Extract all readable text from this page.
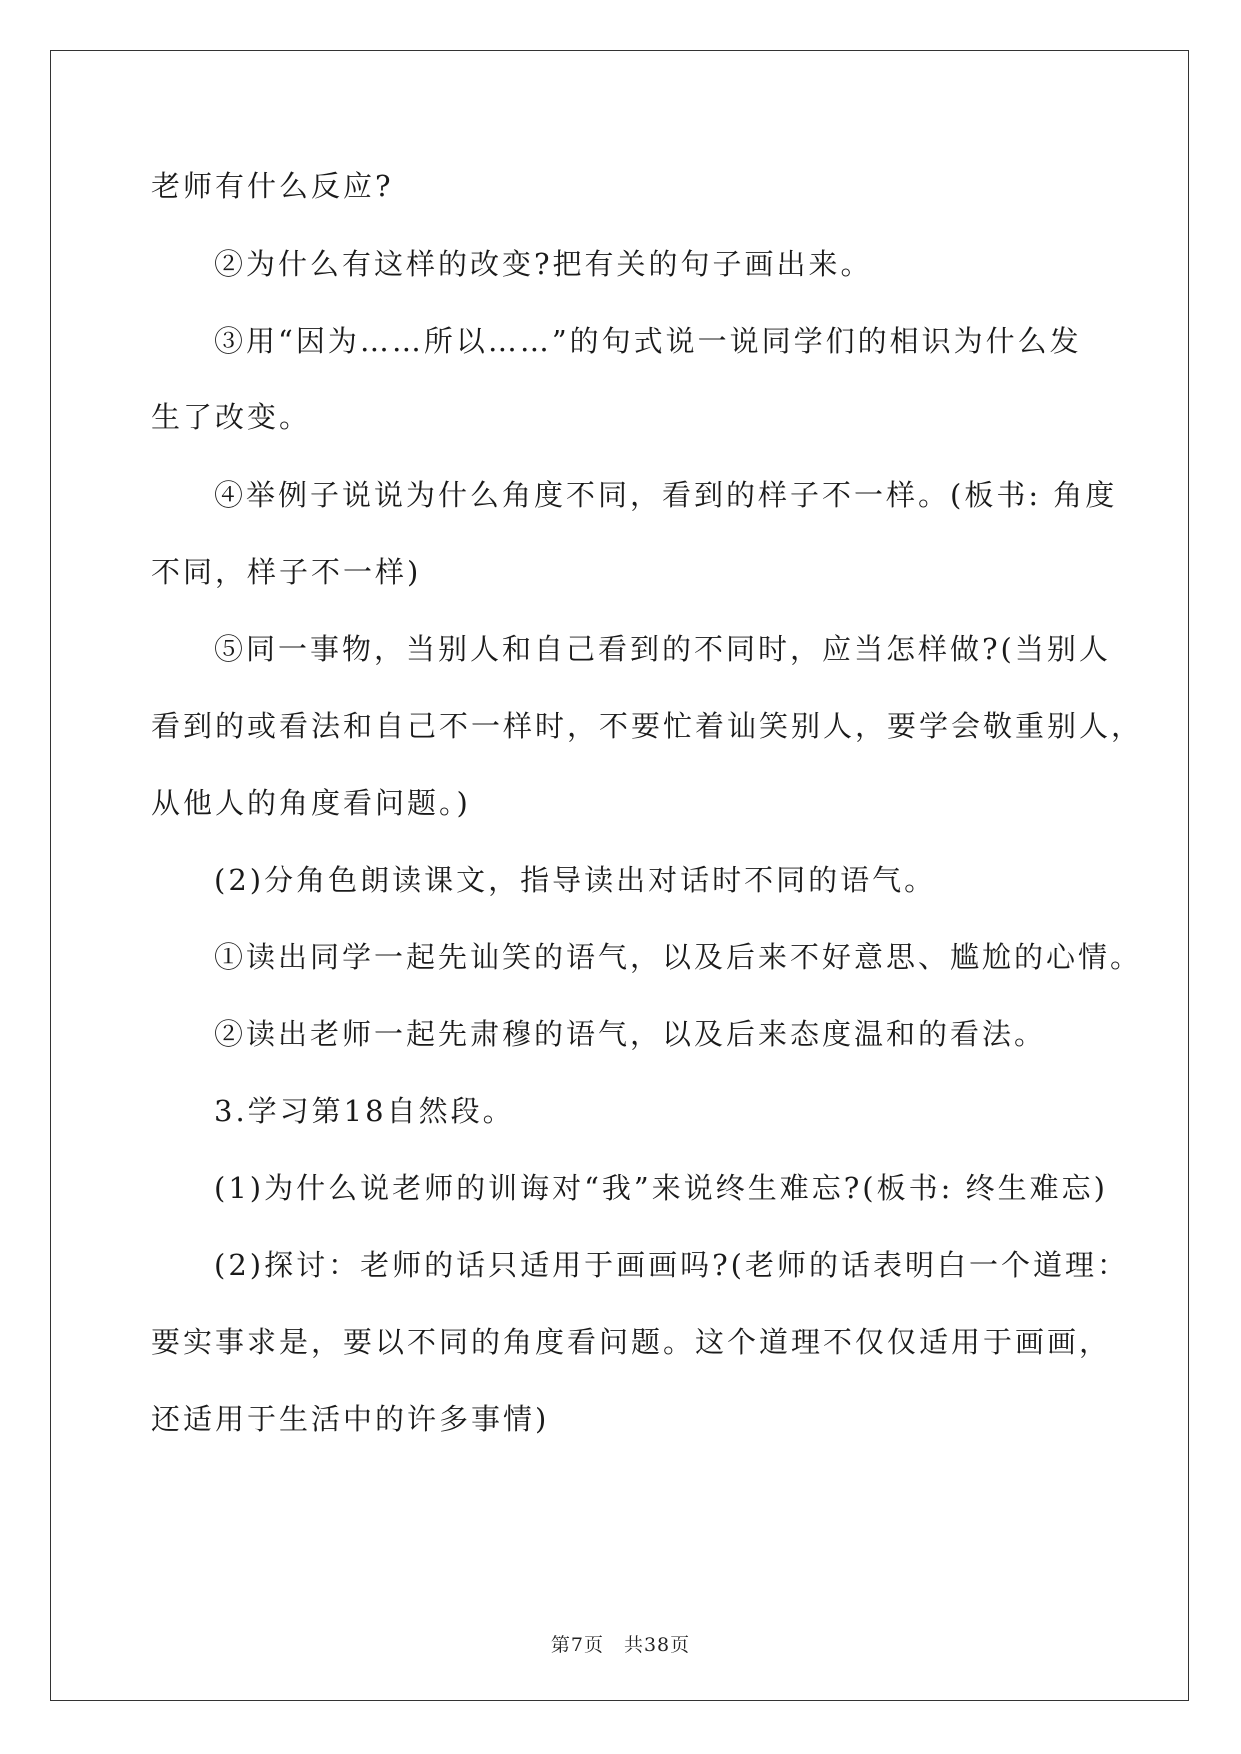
老师有什么反应?
②为什么有这样的改变?把有关的句子画出来。
③用“因为……所以……”的句式说一说同学们的相识为什么发
生了改变。
④举例子说说为什么角度不同，看到的样子不一样。(板书: 角度
不同，样子不一样)
⑤同一事物，当别人和自己看到的不同时，应当怎样做?(当别人
看到的或看法和自己不一样时，不要忙着讪笑别人，要学会敬重别人，
从他人的角度看问题。)
(2)分角色朗读课文，指导读出对话时不同的语气。
①读出同学一起先讪笑的语气，以及后来不好意思、尴尬的心情。
②读出老师一起先肃穆的语气，以及后来态度温和的看法。
3.学习第18自然段。
(1)为什么说老师的训诲对“我”来说终生难忘?(板书: 终生难忘)
(2)探讨：老师的话只适用于画画吗?(老师的话表明白一个道理：
要实事求是，要以不同的角度看问题。这个道理不仅仅适用于画画，
还适用于生活中的许多事情)
第7页　共38页
